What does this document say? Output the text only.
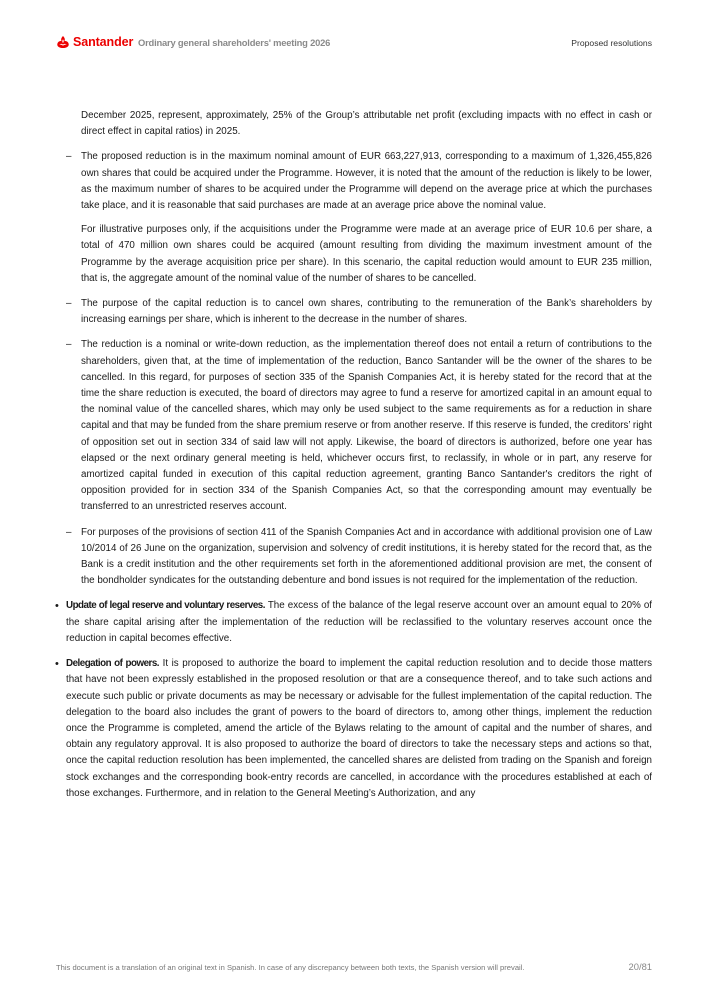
Santander Ordinary general shareholders' meeting 2026	Proposed resolutions

December 2025, represent, approximately, 25% of the Group’s attributable net profit (excluding impacts with no effect in cash or direct effect in capital ratios) in 2025.

– The proposed reduction is in the maximum nominal amount of EUR 663,227,913, corresponding to a maximum of 1,326,455,826 own shares that could be acquired under the Programme. However, it is noted that the amount of the reduction is likely to be lower, as the maximum number of shares to be acquired under the Programme will depend on the average price at which the purchases take place, and it is reasonable that said purchases are made at an average price above the nominal value.

For illustrative purposes only, if the acquisitions under the Programme were made at an average price of EUR 10.6 per share, a total of 470 million own shares could be acquired (amount resulting from dividing the maximum investment amount of the Programme by the average acquisition price per share). In this scenario, the capital reduction would amount to EUR 235 million, that is, the aggregate amount of the nominal value of the number of shares to be cancelled.

– The purpose of the capital reduction is to cancel own shares, contributing to the remuneration of the Bank’s shareholders by increasing earnings per share, which is inherent to the decrease in the number of shares.

– The reduction is a nominal or write-down reduction, as the implementation thereof does not entail a return of contributions to the shareholders, given that, at the time of implementation of the reduction, Banco Santander will be the owner of the shares to be cancelled. In this regard, for purposes of section 335 of the Spanish Companies Act, it is hereby stated for the record that at the time the share reduction is executed, the board of directors may agree to fund a reserve for amortized capital in an amount equal to the nominal value of the cancelled shares, which may only be used subject to the same requirements as for a reduction in share capital and that may be funded from the share premium reserve or from another reserve. If this reserve is funded, the creditors’ right of opposition set out in section 334 of said law will not apply. Likewise, the board of directors is authorized, before one year has elapsed or the next ordinary general meeting is held, whichever occurs first, to reclassify, in whole or in part, any reserve for amortized capital funded in execution of this capital reduction agreement, granting Banco Santander's creditors the right of opposition provided for in section 334 of the Spanish Companies Act, so that the corresponding amount may eventually be transferred to an unrestricted reserves account.

– For purposes of the provisions of section 411 of the Spanish Companies Act and in accordance with additional provision one of Law 10/2014 of 26 June on the organization, supervision and solvency of credit institutions, it is hereby stated for the record that, as the Bank is a credit institution and the other requirements set forth in the aforementioned additional provision are met, the consent of the bondholder syndicates for the outstanding debenture and bond issues is not required for the implementation of the reduction.

• Update of legal reserve and voluntary reserves. The excess of the balance of the legal reserve account over an amount equal to 20% of the share capital arising after the implementation of the reduction will be reclassified to the voluntary reserves account once the reduction in capital becomes effective.

• Delegation of powers. It is proposed to authorize the board to implement the capital reduction resolution and to decide those matters that have not been expressly established in the proposed resolution or that are a consequence thereof, and to take such actions and execute such public or private documents as may be necessary or advisable for the fullest implementation of the capital reduction. The delegation to the board also includes the grant of powers to the board of directors to, among other things, implement the reduction once the Programme is completed, amend the article of the Bylaws relating to the amount of capital and the number of shares, and obtain any regulatory approval. It is also proposed to authorize the board of directors to take the necessary steps and actions so that, once the capital reduction resolution has been implemented, the cancelled shares are delisted from trading on the Spanish and foreign stock exchanges and the corresponding book-entry records are cancelled, in accordance with the procedures established at each of those exchanges. Furthermore, and in relation to the General Meeting’s Authorization, and any

This document is a translation of an original text in Spanish. In case of any discrepancy between both texts, the Spanish version will prevail.	20/81
